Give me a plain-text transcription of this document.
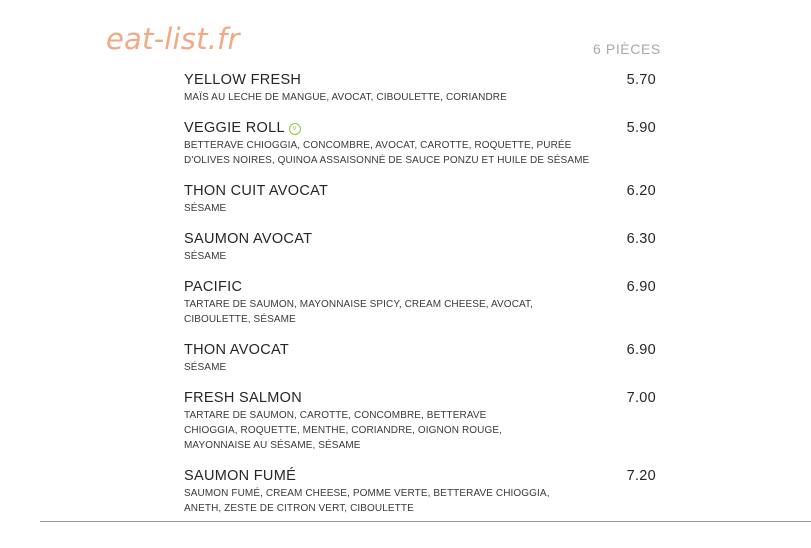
eat-list.fr	6 PIÈCES
YELLOW FRESH
MAÏS AU LECHE DE MANGUE, AVOCAT, CIBOULETTE, CORIANDRE
5.70
VEGGIE ROLL v
BETTERAVE CHIOGGIA, CONCOMBRE, AVOCAT, CAROTTE, ROQUETTE, PURÉE
D'OLIVES NOIRES, QUINOA ASSAISONNÉ DE SAUCE PONZU ET HUILE DE SÉSAME
5.90
THON CUIT AVOCAT
SÉSAME
6.20
SAUMON AVOCAT
SÉSAME
6.30
PACIFIC
TARTARE DE SAUMON, MAYONNAISE SPICY, CREAM CHEESE, AVOCAT,
CIBOULETTE, SÉSAME
6.90
THON AVOCAT
SÉSAME
6.90
FRESH SALMON
TARTARE DE SAUMON, CAROTTE, CONCOMBRE, BETTERAVE
CHIOGGIA, ROQUETTE, MENTHE, CORIANDRE, OIGNON ROUGE,
MAYONNAISE AU SÉSAME, SÉSAME
7.00
SAUMON FUMÉ
SAUMON FUMÉ, CREAM CHEESE, POMME VERTE, BETTERAVE CHIOGGIA,
ANETH, ZESTE DE CITRON VERT, CIBOULETTE
7.20
